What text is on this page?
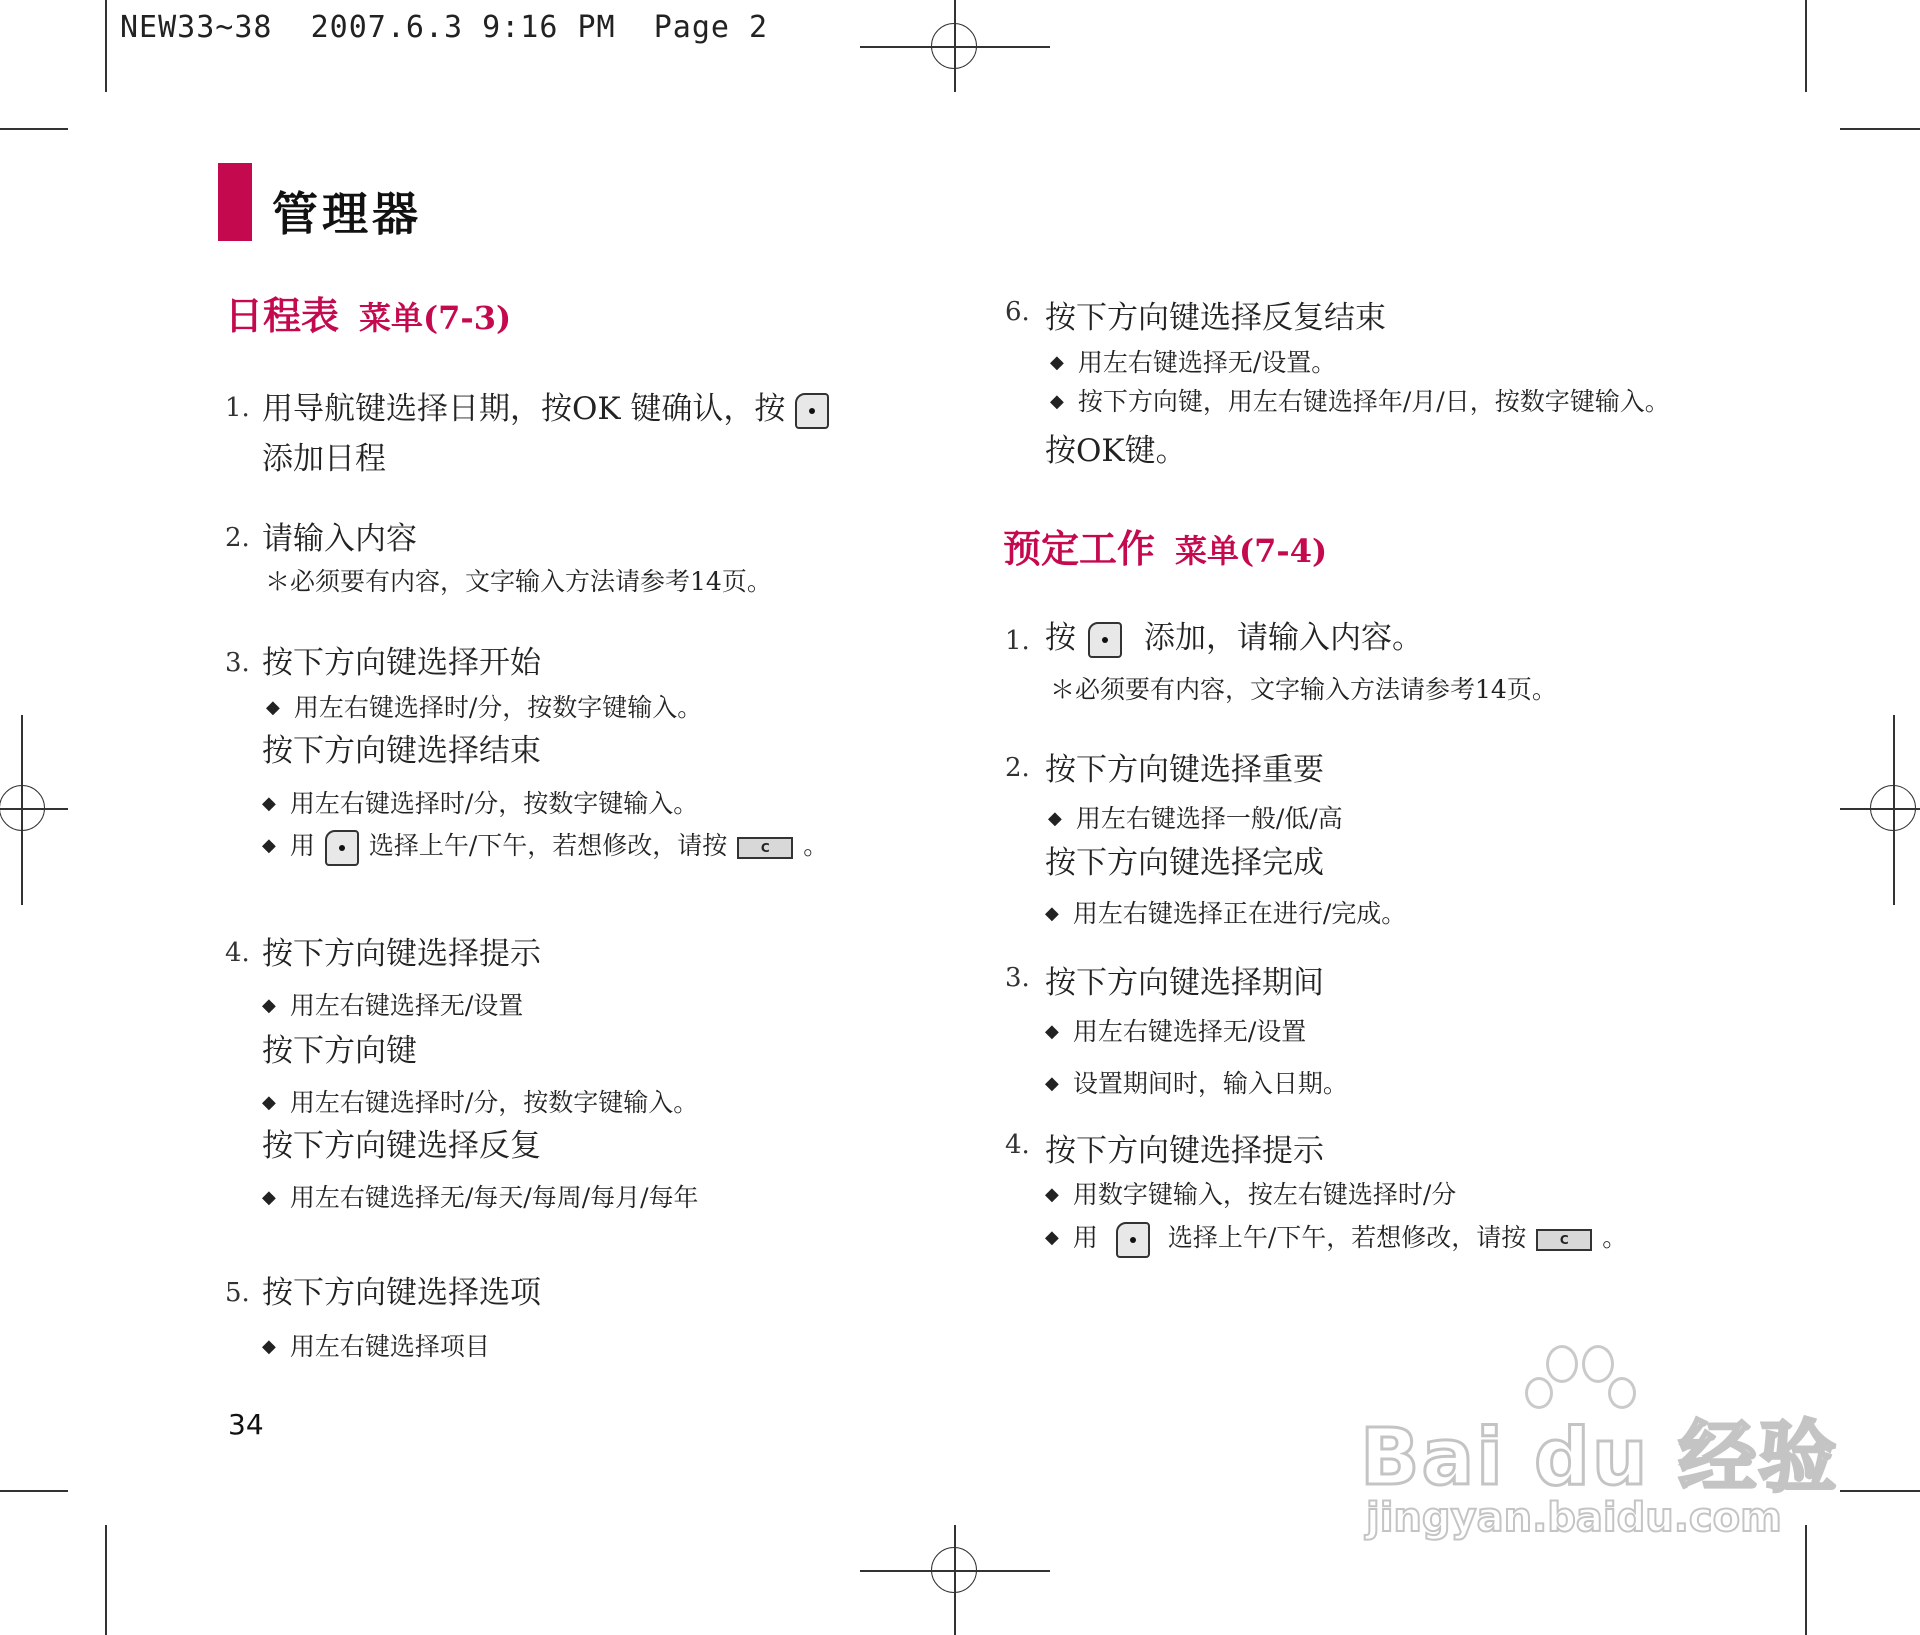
NEW33~38  2007.6.3 9:16 PM  Page 2
管理器
日程表 菜单(7-3)
1. 用导航键选择日期，按OK 键确认，按
添加日程
2. 请输入内容
＊必须要有内容，文字输入方法请参考14页。
3. 按下方向键选择开始
◆ 用左右键选择时/分，按数字键输入。
按下方向键选择结束
◆ 用左右键选择时/分，按数字键输入。
◆ 用 选择上午/下午，若想修改，请按	C 。
4. 按下方向键选择提示
◆ 用左右键选择无/设置
按下方向键
◆ 用左右键选择时/分，按数字键输入。
按下方向键选择反复
◆ 用左右键选择无/每天/每周/每月/每年
5. 按下方向键选择选项
◆ 用左右键选择项目
34
6. 按下方向键选择反复结束
◆ 用左右键选择无/设置。
◆ 按下方向键，用左右键选择年/月/日，按数字键输入。
按OK键。
预定工作 菜单(7-4)
1. 按 添加，请输入内容。
＊必须要有内容，文字输入方法请参考14页。
2. 按下方向键选择重要
◆ 用左右键选择一般/低/高
按下方向键选择完成
◆ 用左右键选择正在进行/完成。
3. 按下方向键选择期间
◆ 用左右键选择无/设置
◆ 设置期间时，输入日期。
4. 按下方向键选择提示
◆ 用数字键输入，按左右键选择时/分
◆ 用	选择上午/下午，若想修改，请按	C 。
Bai du 经验
jingyan.baidu.com
